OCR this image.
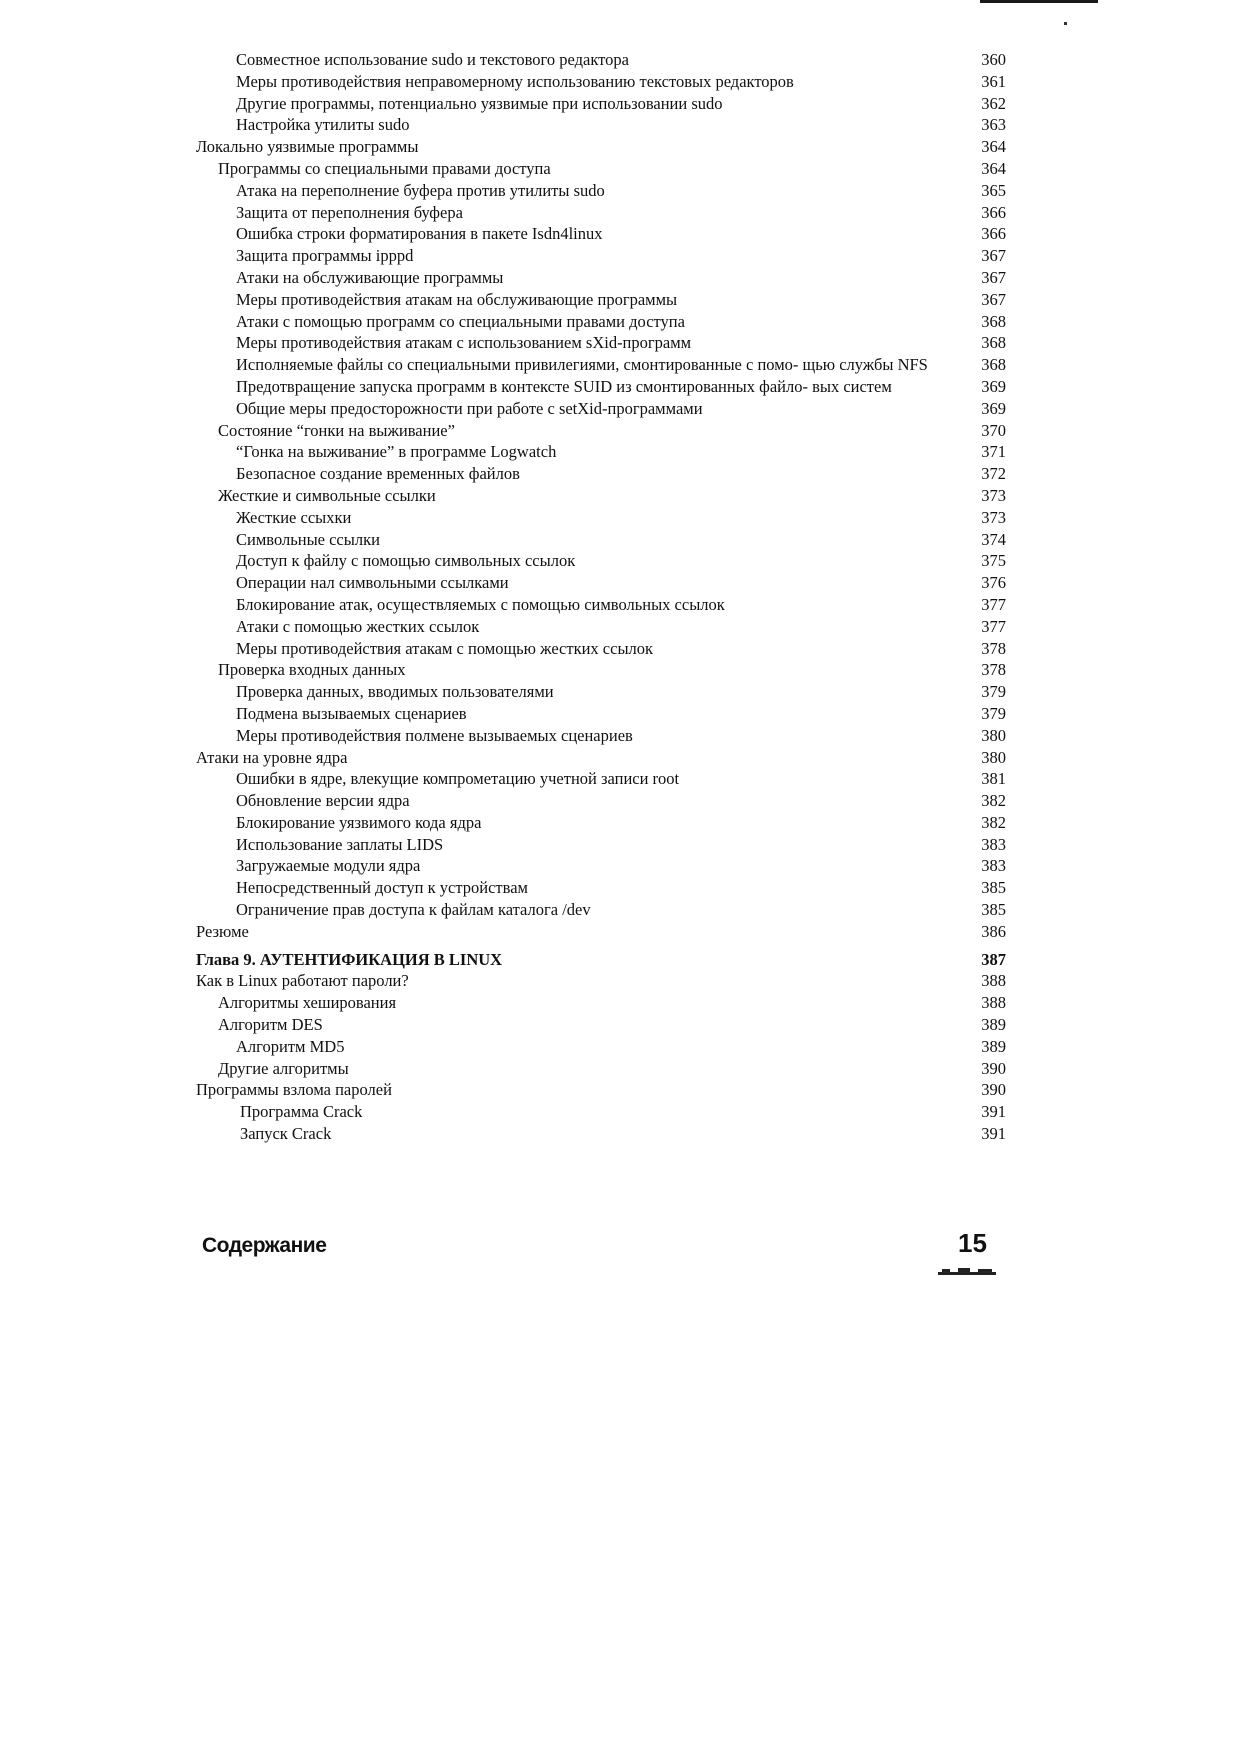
Совместное использование sudo и текстового редактора	360
Меры противодействия неправомерному использованию текстовых редакторов	361
Другие программы, потенциально уязвимые при использовании sudo	362
Настройка утилиты sudo	363
Локально уязвимые программы	364
Программы со специальными правами доступа	364
Атака на переполнение буфера против утилиты sudo	365
Защита от переполнения буфера	366
Ошибка строки форматирования в пакете Isdn4linux	366
Защита программы ipppd	367
Атаки на обслуживающие программы	367
Меры противодействия атакам на обслуживающие программы	367
Атаки с помощью программ со специальными правами доступа	368
Меры противодействия атакам с использованием sXid-программ	368
Исполняемые файлы со специальными привилегиями, смонтированные с помо- щью службы NFS	368
Предотвращение запуска программ в контексте SUID из смонтированных файло- вых систем	369
Общие меры предосторожности при работе с setXid-программами	369
Состояние “гонки на выживание”	370
“Гонка на выживание” в программе Logwatch	371
Безопасное создание временных файлов	372
Жесткие и символьные ссылки	373
Жесткие ссыхки	373
Символьные ссылки	374
Доступ к файлу с помощью символьных ссылок	375
Операции нал символьными ссылками	376
Блокирование атак, осуществляемых с помощью символьных ссылок	377
Атаки с помощью жестких ссылок	377
Меры противодействия атакам с помощью жестких ссылок	378
Проверка входных данных	378
Проверка данных, вводимых пользователями	379
Подмена вызываемых сценариев	379
Меры противодействия полмене вызываемых сценариев	380
Атаки на уровне ядра	380
Ошибки в ядре, влекущие компрометацию учетной записи root	381
Обновление версии ядра	382
Блокирование уязвимого кода ядра	382
Использование заплаты LIDS	383
Загружаемые модули ядра	383
Непосредственный доступ к устройствам	385
Ограничение прав доступа к файлам каталога /dev	385
Резюме	386
Глава 9. АУТЕНТИФИКАЦИЯ В LINUX	387
Как в Linux работают пароли?	388
Алгоритмы хеширования	388
Алгоритм DES	389
Алгоритм MD5	389
Другие алгоритмы	390
Программы взлома паролей	390
Программа Crack	391
Запуск Crack	391
Содержание	15
